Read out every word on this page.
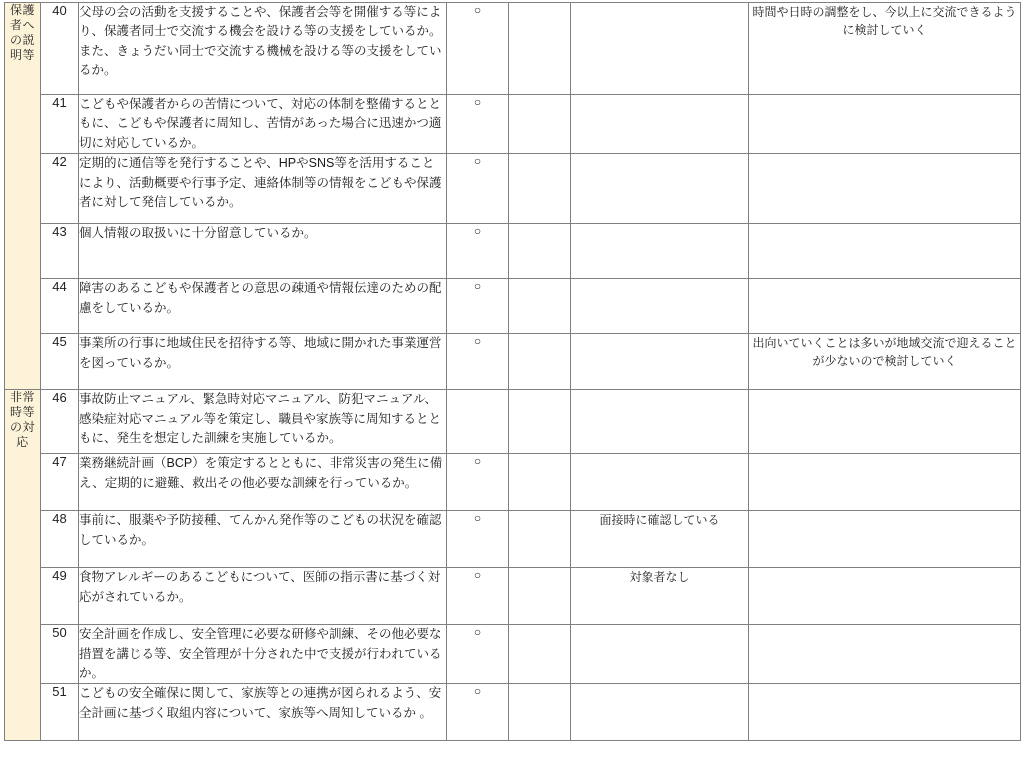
保護者への説明等	40	父母の会の活動を支援することや、保護者会等を開催する等により、保護者同士で交流する機会を設ける等の支援をしているか。また、きょうだい同士で交流する機械を設ける等の支援をしているか。	○			時間や日時の調整をし、今以上に交流できるように検討していく
	41	こどもや保護者からの苦情について、対応の体制を整備するとともに、こどもや保護者に周知し、苦情があった場合に迅速かつ適切に対応しているか。	○			
	42	定期的に通信等を発行することや、HPやSNS等を活用することにより、活動概要や行事予定、連絡体制等の情報をこどもや保護者に対して発信しているか。	○			
	43	個人情報の取扱いに十分留意しているか。	○			
	44	障害のあるこどもや保護者との意思の疎通や情報伝達のための配慮をしているか。	○			
	45	事業所の行事に地域住民を招待する等、地域に開かれた事業運営を図っているか。	○			出向いていくことは多いが地域交流で迎えることが少ないので検討していく

非常時等の対応	46	事故防止マニュアル、緊急時対応マニュアル、防犯マニュアル、感染症対応マニュアル等を策定し、職員や家族等に周知するとともに、発生を想定した訓練を実施しているか。				
	47	業務継続計画（BCP）を策定するとともに、非常災害の発生に備え、定期的に避難、救出その他必要な訓練を行っているか。	○			
	48	事前に、服薬や予防接種、てんかん発作等のこどもの状況を確認しているか。	○		面接時に確認している	
	49	食物アレルギーのあるこどもについて、医師の指示書に基づく対応がされているか。	○		対象者なし	
	50	安全計画を作成し、安全管理に必要な研修や訓練、その他必要な措置を講じる等、安全管理が十分された中で支援が行われているか。	○			
	51	こどもの安全確保に関して、家族等との連携が図られるよう、安全計画に基づく取組内容について、家族等へ周知しているか 。	○			
